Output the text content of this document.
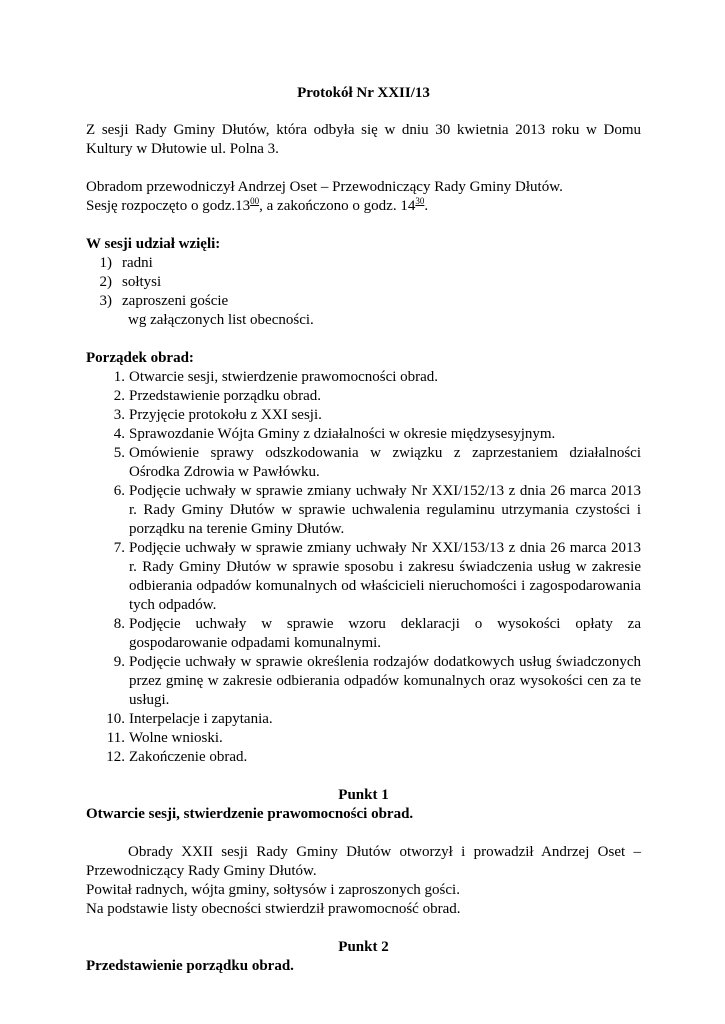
Protokół Nr XXII/13

Z sesji Rady Gminy Dłutów, która odbyła się w dniu 30 kwietnia 2013 roku w Domu Kultury w Dłutowie ul. Polna 3.

Obradom przewodniczył Andrzej Oset – Przewodniczący Rady Gminy Dłutów.

Sesję rozpoczęto o $godz.13^{00}$, a zakończono o godz. $14^{30}$.

W sesji udział wzięli:

1) radni
2) sołtysi
3) zaproszeni goście

wg załączonych list obecności.

Porządek obrad:

1. Otwarcie sesji, stwierdzenie prawomocności obrad.
2. Przedstawienie porządku obrad.
3. Przyjęcie protokołu z XXI sesji.
4. Sprawozdanie Wójta Gminy z działalności w okresie międzysesyjnym.
5. Omówienie sprawy odszkodowania w związku z zaprzestaniem działalności Ośrodka Zdrowia w Pawłówku.
6. Podjęcie uchwały w sprawie zmiany uchwały Nr XXI/152/13 z dnia 26 marca 2013 r. Rady Gminy Dłutów w sprawie uchwalenia regulaminu utrzymania czystości i porządku na terenie Gminy Dłutów.
7. Podjęcie uchwały w sprawie zmiany uchwały Nr XXI/153/13 z dnia 26 marca 2013 r. Rady Gminy Dłutów w sprawie sposobu i zakresu świadczenia usług w zakresie odbierania odpadów komunalnych od właścicieli nieruchomości i zagospodarowania tych odpadów.
8. Podjęcie uchwały w sprawie wzoru deklaracji o wysokości opłaty za gospodarowanie odpadami komunalnymi.
9. Podjęcie uchwały w sprawie określenia rodzajów dodatkowych usług świadczonych przez gminę w zakresie odbierania odpadów komunalnych oraz wysokości cen za te usługi.
10. Interpelacje i zapytania.
11. Wolne wnioski.
12. Zakończenie obrad.

Punkt 1

Otwarcie sesji, stwierdzenie prawomocności obrad.

Obrady XXII sesji Rady Gminy Dłutów otworzył i prowadził Andrzej Oset – Przewodniczący Rady Gminy Dłutów.

Powitał radnych, wójta gminy, sołtysów i zaproszonych gości.

Na podstawie listy obecności stwierdził prawomocność obrad.

Punkt 2

Przedstawienie porządku obrad.
